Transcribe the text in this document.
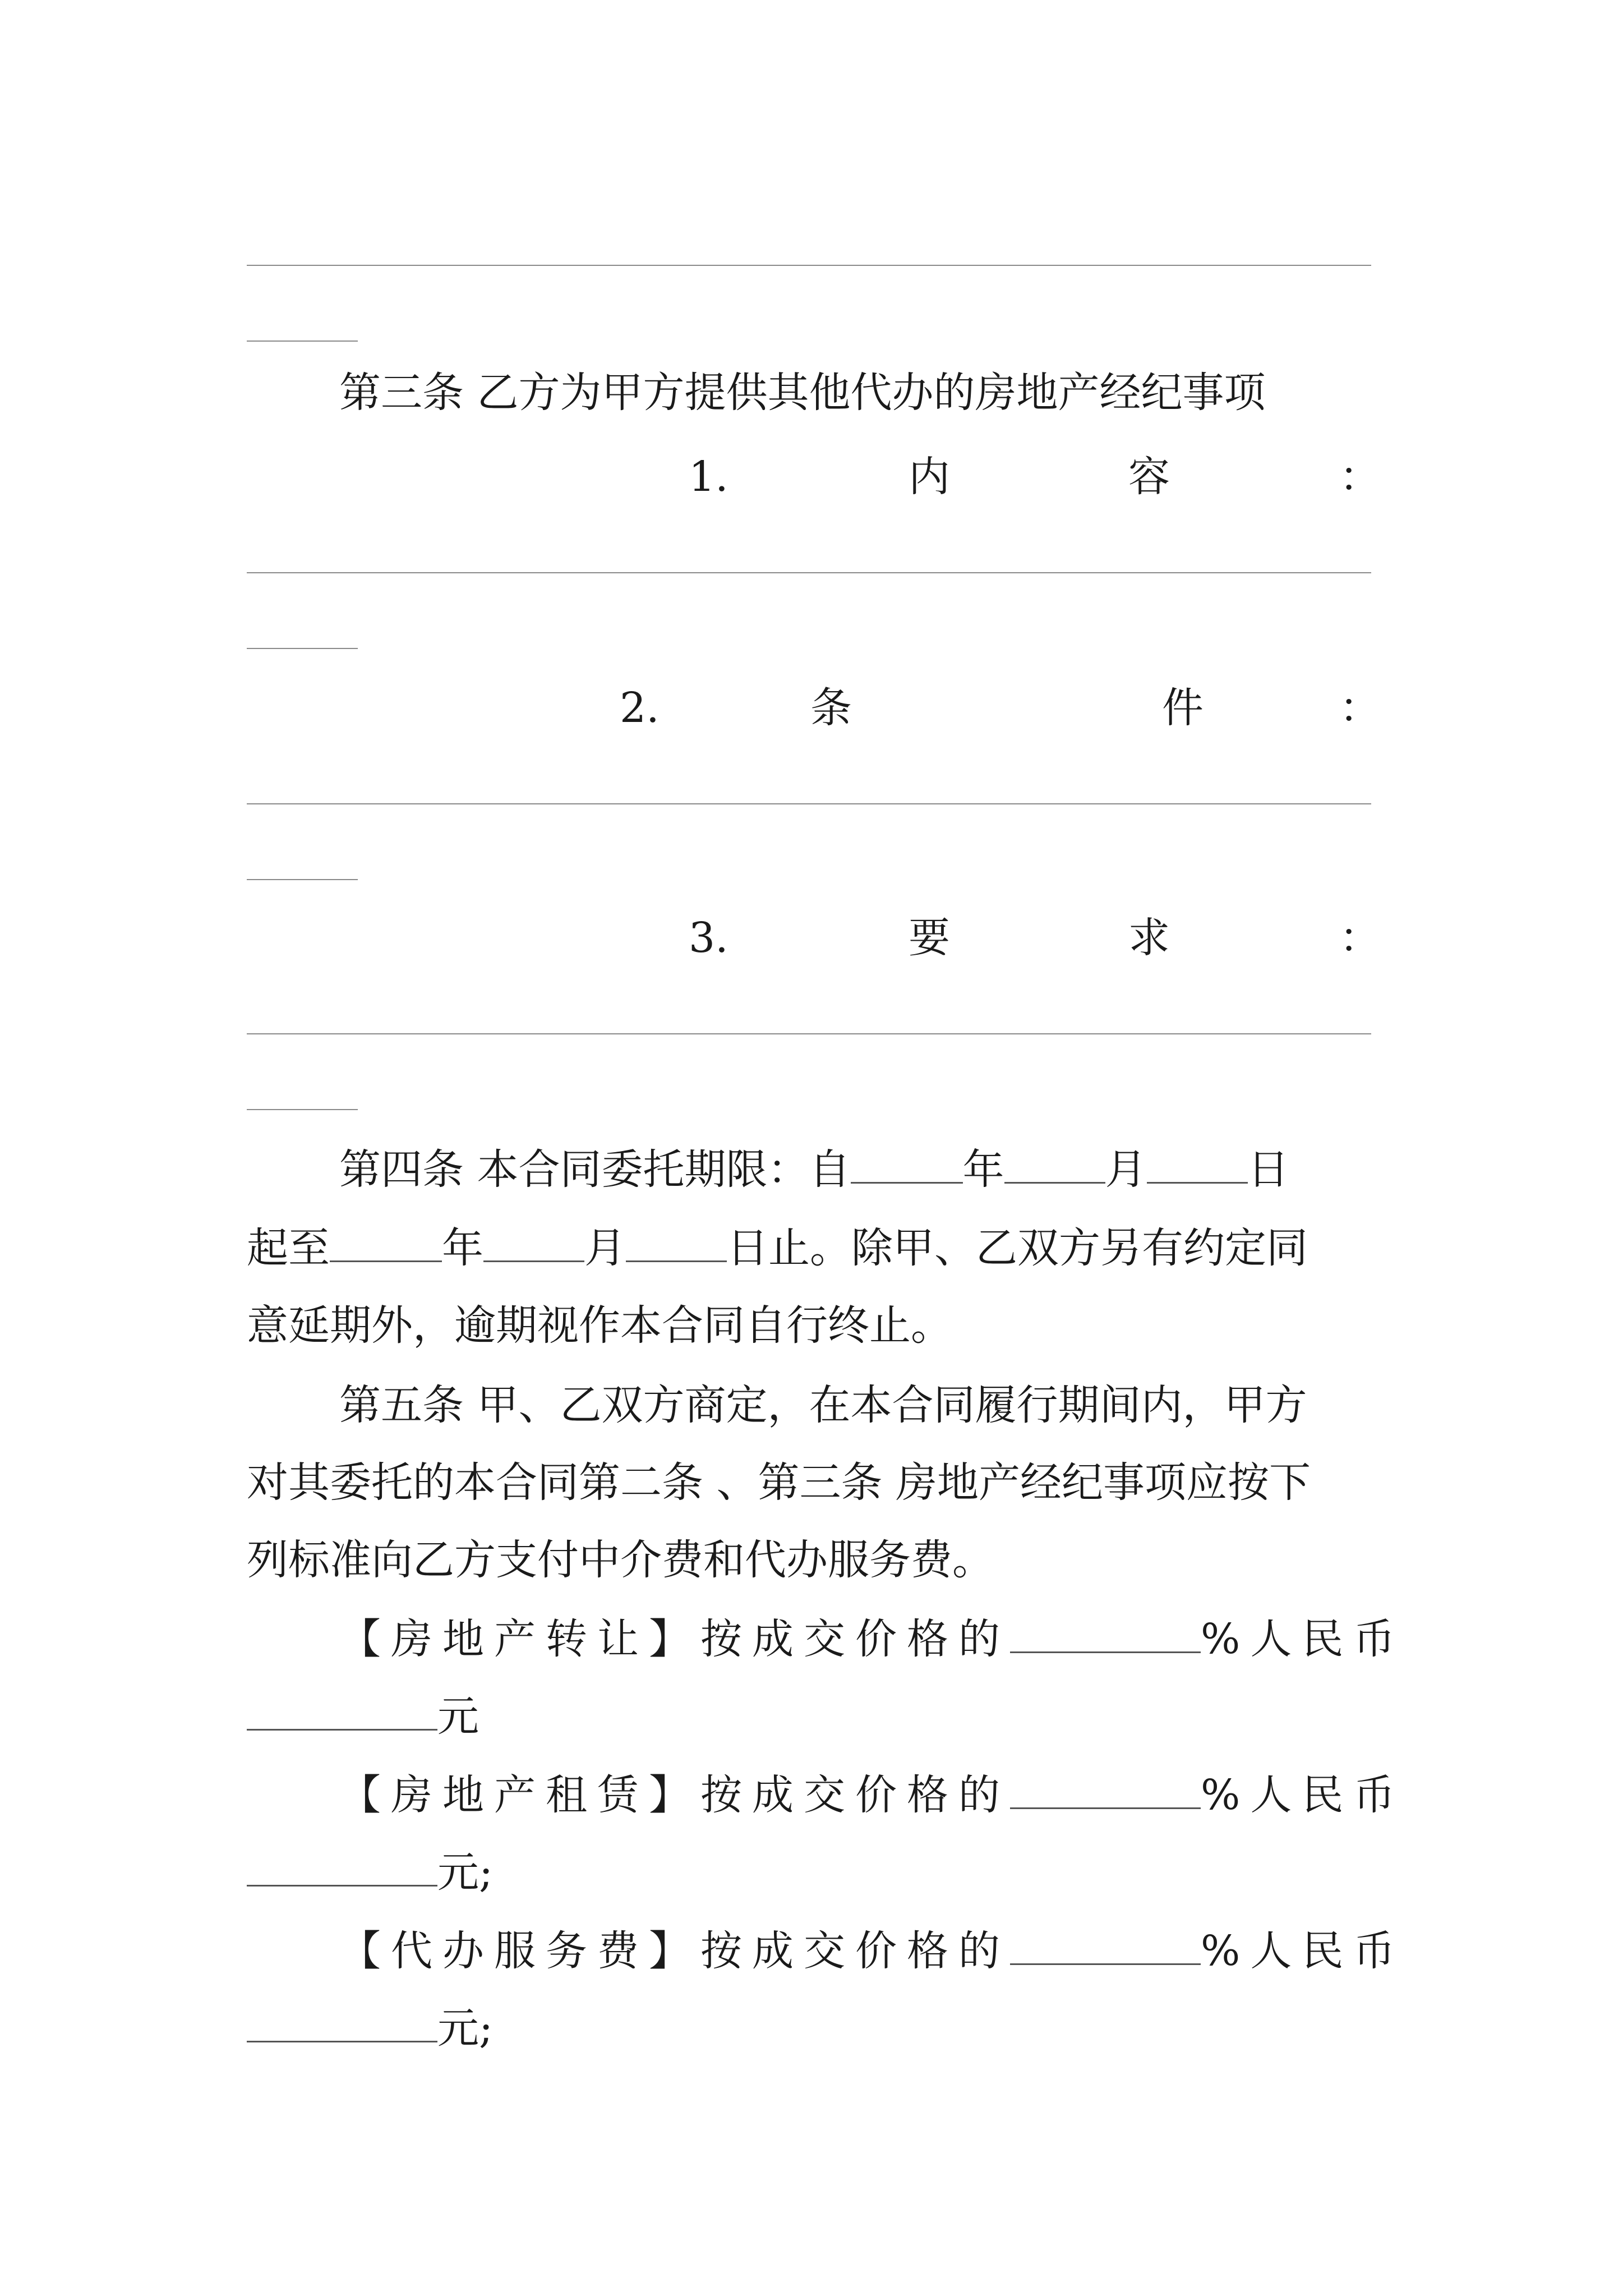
第三条 乙方为甲方提供其他代办的房地产经纪事项
1.	内	容	：
2.	条	件	：
3.	要	求	：
第四条 本合同委托期限：自	年 月 日
起至	年 月 日止。除甲、乙双方另有约定同
意延期外，逾期视作本合同自行终止。
第五条 甲、乙双方商定，在本合同履行期间内，甲方
对其委托的本合同第二条 、第三条 房地产经纪事项应按下
列标准向乙方支付中介费和代办服务费。
【房地产转让】按成交价格的	%人民币
元
【房地产租赁】按成交价格的	%人民币
元;
【代办服务费】按成交价格的	%人民币
元;
